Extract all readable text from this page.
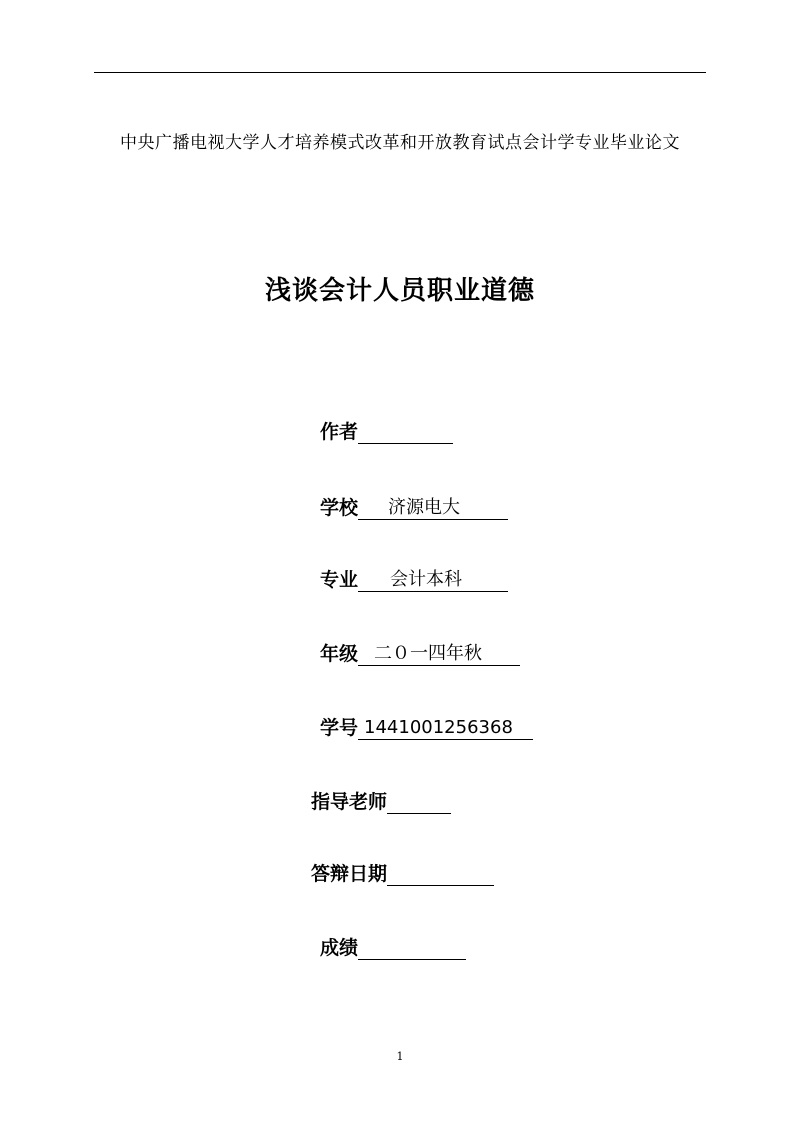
中央广播电视大学人才培养模式改革和开放教育试点会计学专业毕业论文
浅谈会计人员职业道德
作者
学校	济源电大
专业	会计本科
年级 二０一四年秋
学号 1441001256368
指导老师
答辩日期
成绩
1
